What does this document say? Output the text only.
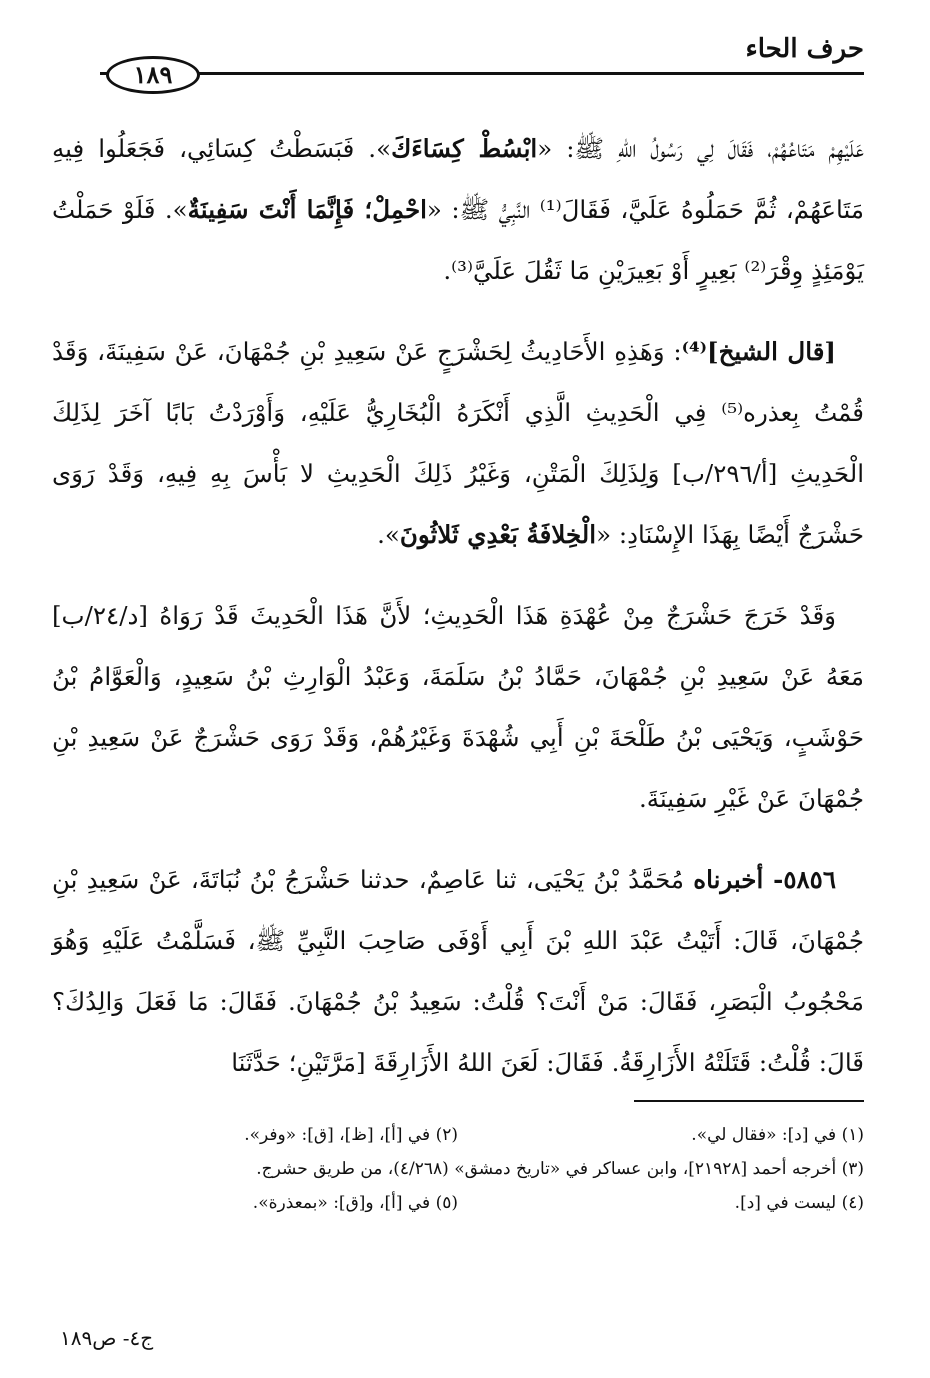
حرف الحاء
١٨٩

عَلَيْهِمْ مَتَاعُهُمْ، فَقَالَ لِي رَسُولُ اللهِ ﷺ: «ابْسُطْ كِسَاءَكَ». فَبَسَطْتُ كِسَائِي، فَجَعَلُوا فِيهِ مَتَاعَهُمْ، ثُمَّ حَمَلُوهُ عَلَيَّ، فَقَالَ⁽¹⁾ النَّبِيُّ ﷺ: «احْمِلْ؛ فَإِنَّمَا أَنْتَ سَفِينَةٌ». فَلَوْ حَمَلْتُ يَوْمَئِذٍ وِقْرَ⁽²⁾ بَعِيرٍ أَوْ بَعِيرَيْنِ مَا ثَقُلَ عَلَيَّ⁽³⁾.

[قال الشيخ]⁽⁴⁾: وَهَذِهِ الأَحَادِيثُ لِحَشْرَجٍ عَنْ سَعِيدِ بْنِ جُمْهَانَ، عَنْ سَفِينَةَ، وَقَدْ قُمْتُ بِعذره⁽⁵⁾ فِي الْحَدِيثِ الَّذِي أَنْكَرَهُ الْبُخَارِيُّ عَلَيْهِ، وَأَوْرَدْتُ بَابًا آخَرَ لِذَلِكَ الْحَدِيثِ [أ/٢٩٦/ب] وَلِذَلِكَ الْمَتْنِ، وَغَيْرُ ذَلِكَ الْحَدِيثِ لا بَأْسَ بِهِ فِيهِ، وَقَدْ رَوَى حَشْرَجٌ أَيْضًا بِهَذَا الإِسْنَادِ: «الْخِلافَةُ بَعْدِي ثَلاثُونَ».

وَقَدْ خَرَجَ حَشْرَجٌ مِنْ عُهْدَةِ هَذَا الْحَدِيثِ؛ لأَنَّ هَذَا الْحَدِيثَ قَدْ رَوَاهُ [د/٢٤/ب] مَعَهُ عَنْ سَعِيدِ بْنِ جُمْهَانَ، حَمَّادُ بْنُ سَلَمَةَ، وَعَبْدُ الْوَارِثِ بْنُ سَعِيدٍ، وَالْعَوَّامُ بْنُ حَوْشَبٍ، وَيَحْيَى بْنُ طَلْحَةَ بْنِ أَبِي شُهْدَةَ وَغَيْرُهُمْ، وَقَدْ رَوَى حَشْرَجٌ عَنْ سَعِيدِ بْنِ جُمْهَانَ عَنْ غَيْرِ سَفِينَةَ.

٥٨٥٦- أخبرناه مُحَمَّدُ بْنُ يَحْيَى، ثنا عَاصِمٌ، حدثنا حَشْرَجُ بْنُ نُبَاتَةَ، عَنْ سَعِيدِ بْنِ جُمْهَانَ، قَالَ: أَتَيْتُ عَبْدَ اللهِ بْنَ أَبِي أَوْفَى صَاحِبَ النَّبِيِّ ﷺ، فَسَلَّمْتُ عَلَيْهِ وَهُوَ مَحْجُوبُ الْبَصَرِ، فَقَالَ: مَنْ أَنْتَ؟ قُلْتُ: سَعِيدُ بْنُ جُمْهَانَ. فَقَالَ: مَا فَعَلَ وَالِدُكَ؟ قَالَ: قُلْتُ: قَتَلَتْهُ الأَزَارِقَةُ. فَقَالَ: لَعَنَ اللهُ الأَزَارِقَةَ [مَرَّتَيْنِ؛ حَدَّثَنَا

(١) في [د]: «فقال لي».
(٢) في [أ]، [ظ]، [ق]: «وفر».
(٣) أخرجه أحمد [٢١٩٢٨]، وابن عساكر في «تاريخ دمشق» (٤/٢٦٨)، من طريق حشرج.
(٤) ليست في [د].
(٥) في [أ]، و[ق]: «بمعذرة».
ج٤- ص١٨٩
